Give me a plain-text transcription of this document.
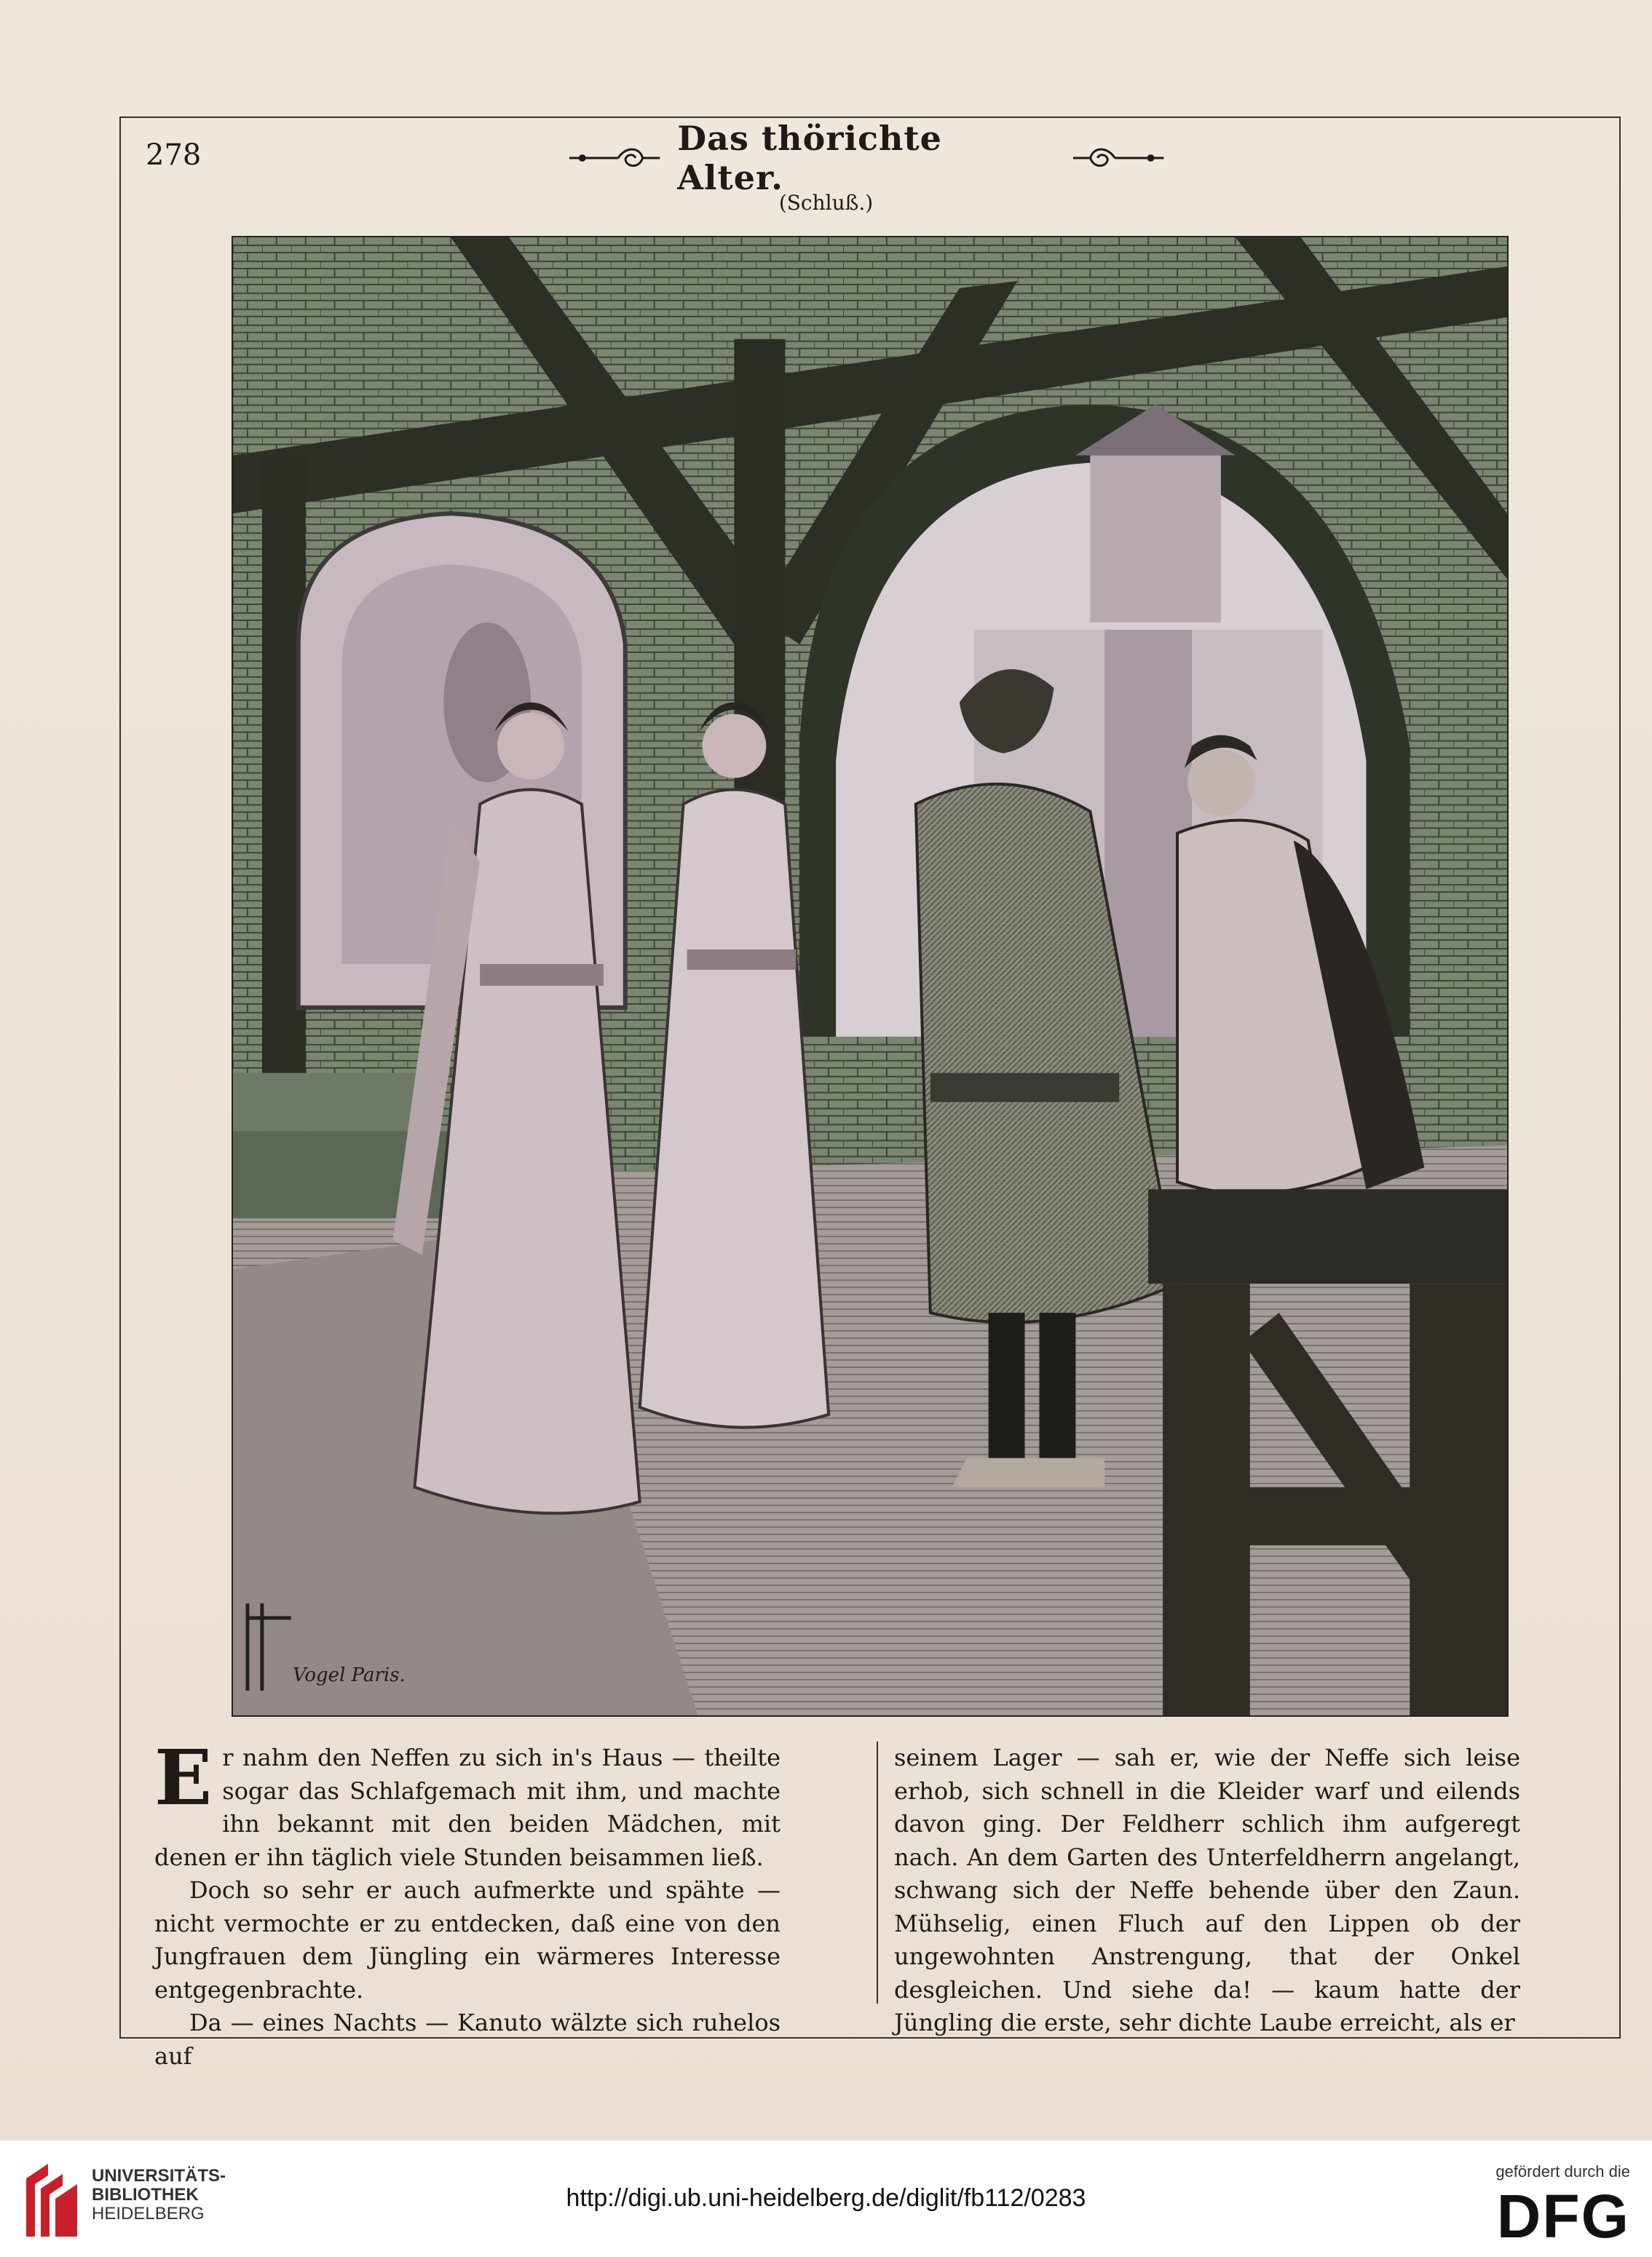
278	Das thörichte Alter.
(Schluß.)
Vogel Paris.

Er nahm den Neffen zu sich in's Haus — theilte sogar das Schlafgemach mit ihm, und machte ihn bekannt mit den beiden Mädchen, mit denen er ihn täglich viele Stunden beisammen ließ.

Doch so sehr er auch aufmerkte und spähte — nicht vermochte er zu entdecken, daß eine von den Jungfrauen dem Jüngling ein wärmeres Interesse entgegenbrachte.

Da — eines Nachts — Kanuto wälzte sich ruhelos auf

seinem Lager — sah er, wie der Neffe sich leise erhob, sich schnell in die Kleider warf und eilends davon ging. Der Feldherr schlich ihm aufgeregt nach. An dem Garten des Unterfeldherrn angelangt, schwang sich der Neffe behende über den Zaun. Mühselig, einen Fluch auf den Lippen ob der ungewohnten Anstrengung, that der Onkel desgleichen. Und siehe da! — kaum hatte der Jüngling die erste, sehr dichte Laube erreicht, als er

UNIVERSITÄTS-
BIBLIOTHEK
HEIDELBERG
http://digi.ub.uni-heidelberg.de/diglit/fb112/0283
gefördert durch die
DFG
